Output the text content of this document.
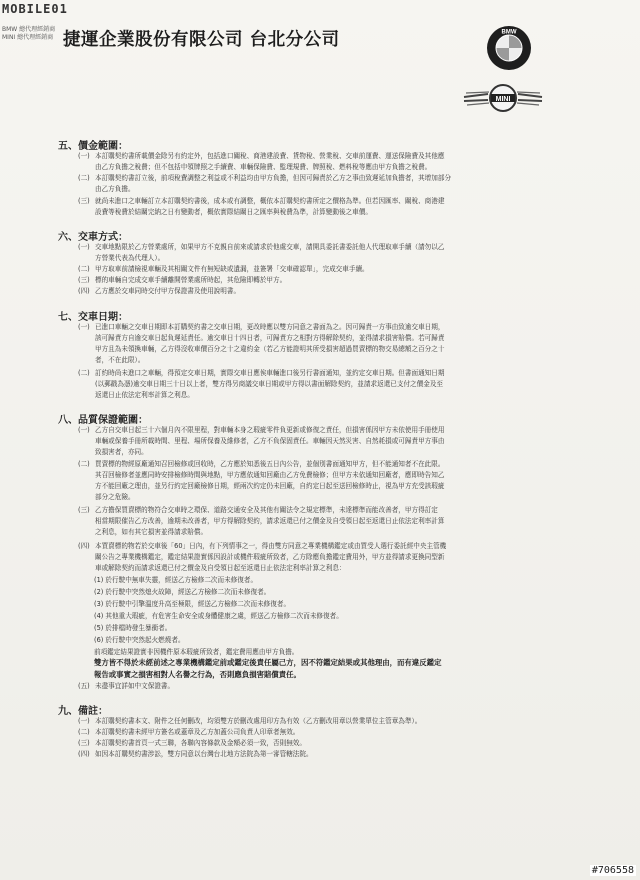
MOBILE01
BMW 總代理經銷商
MINI 總代理經銷商 捷運企業股份有限公司 台北分公司	BMW
MINI
五、價金範圍：
(一) 本訂購契約書所載價金除另有約定外，包括進口關稅、商港建設費、貨物稅、營業稅、交車前運費、運送保險費及其他應
由乙方負擔之稅費；但不包括申領牌照之手續費、車輛保險費、監理規費、牌照稅、燃料稅等應由甲方負擔之稅費。
(二) 本訂購契約書訂立後，前項稅費調整之利益或不利益均由甲方負擔，但因可歸責於乙方之事由致遲延加負擔者，其增加部分
由乙方負擔。
(三) 就尚未進口之車輛訂立本訂購契約書後，成本或有調整，概依本訂購契約書所定之價格為準。但若因匯率、關稅、商港建
設費等稅費於結關完納之日有變動者，概依實際結關日之匯率與稅費為準，計算變動後之車價。
六、交車方式：
(一) 交車地點限於乙方營業處所，如果甲方不克親自前來或請求於他處交車，請開具委託書委託他人代理取車手續（請勿以乙
方營業代表為代理人）。
(二) 甲方取車前請檢視車輛及其相關文件有無短缺或遺漏，並簽署「交車確認單」，完成交車手續。
(三) 標的車輛自完成交車手續離開營業處所時起，其危險即轉於甲方。
(四) 乙方應於交車同時交付甲方保證書及使用說明書。
七、交車日期：
(一) 已進口車輛之交車日期即本訂購契約書之交車日期，更改時應以雙方同意之書面為之。因可歸責一方事由致逾交車日期，
該可歸責方自逾交車日起負遲延責任。逾交車日十四日者，可歸責方之相對方得解除契約，並得請求損害賠償。若可歸責
甲方且為未領換車輛，乙方得沒收車價百分之十之違約金（若乙方能證明其所受損害超過買賣標的物交易總額之百分之十
者，不在此限）。
(二) 訂約時尚未進口之車輛，得預定交車日期，實際交車日應俟車輛進口後另行書面通知，並約定交車日期。但書面通知日期
(以郵戳為憑)逾交車日期三十日以上者，雙方得另商議交車日期或甲方得以書面解除契約，並請求返還已支付之價金及至
返還日止依法定利率計算之利息。
八、品質保證範圍：
(一) 乙方自交車日起三十六個月內不限里程，對車輛本身之瑕疵零件負更新或修復之責任，但損害係因甲方未依使用手冊使用
車輛或保養手冊所載時間、里程、場所保養及維修者，乙方不負保固責任。車輛因天然災害、自然耗損或可歸責甲方事由
致損害者，亦同。
(二) 買賣標的物經原廠通知召回檢修或回收時，乙方應於知悉後五日內公告，並個別書面通知甲方，但不能通知者不在此限。
其召回檢修者並應同時安排檢修時間與地點，甲方應依通知回廠由乙方免費檢修；但甲方未依通知回廠者，應即時告知乙
方不能回廠之理由，並另行約定回廠檢修日期，經兩次約定仍未回廠，自約定日起至送回檢修時止，視為甲方充受該瑕疵
部分之危險。
(三) 乙方擔保買賣標的物符合交車時之環保、道路交通安全及其他有關法令之規定標準，未達標準而能改善者，甲方得訂定
相當期限催告乙方改善，逾期未改善者，甲方得解除契約，請求返還已付之價金及自受領日起至返還日止依法定利率計算
之利息，如有其它損害並得請求賠償。
(四) 本買賣標的物若於交車後「60」日內，有下列情事之一，得由雙方同意之專業機構鑑定或由買受人選行委託經中央主管機
關公告之專業機構鑑定，鑑定結果證實係因設計或機件瑕疵所致者，乙方除應負擔鑑定費用外，甲方並得請求更換同型新
車或解除契約而請求返還已付之價金及自受領日起至返還日止依法定利率計算之利息：
(1) 於行駛中無車失靈，經送乙方檢修二次而未修復者。
(2) 於行駛中突然熄火故障，經送乙方檢修二次而未修復者。
(3) 於行駛中引擎溫度升高至極限，經送乙方檢修二次而未修復者。
(4) 其他重大瑕疵，有危害生命安全或身體健康之虞，經送乙方檢修二次而未修復者。
(5) 於排檔時發生暴衝者。
(6) 於行駛中突然起火燃燒者。
前項鑑定結果證實非因機件原本瑕疵所致者，鑑定費用應由甲方負擔。
雙方皆不得於未經前述之專業機構鑑定前或鑑定後責任屬己方，因不符鑑定結果或其他理由，而有違反鑑定
報告或事實之損害相對人名譽之行為，否則應負損害賠償責任。
(五) 未盡事宜詳如中文保證書。
九、備註：
(一) 本訂購契約書本文、附件之任何刪改，均須雙方於刪改處用印方為有效（乙方刪改用章以營業單位主管章為準）。
(二) 本訂購契約書未經甲方簽名或蓋章及乙方加蓋公司負責人印章者無效。
(三) 本訂購契約書首頁一式三聯，各聯內容條款及金額必須一致，否則無效。
(四) 如因本訂購契約書涉訟，雙方同意以台灣台北地方法院為第一審管轄法院。
#706558
